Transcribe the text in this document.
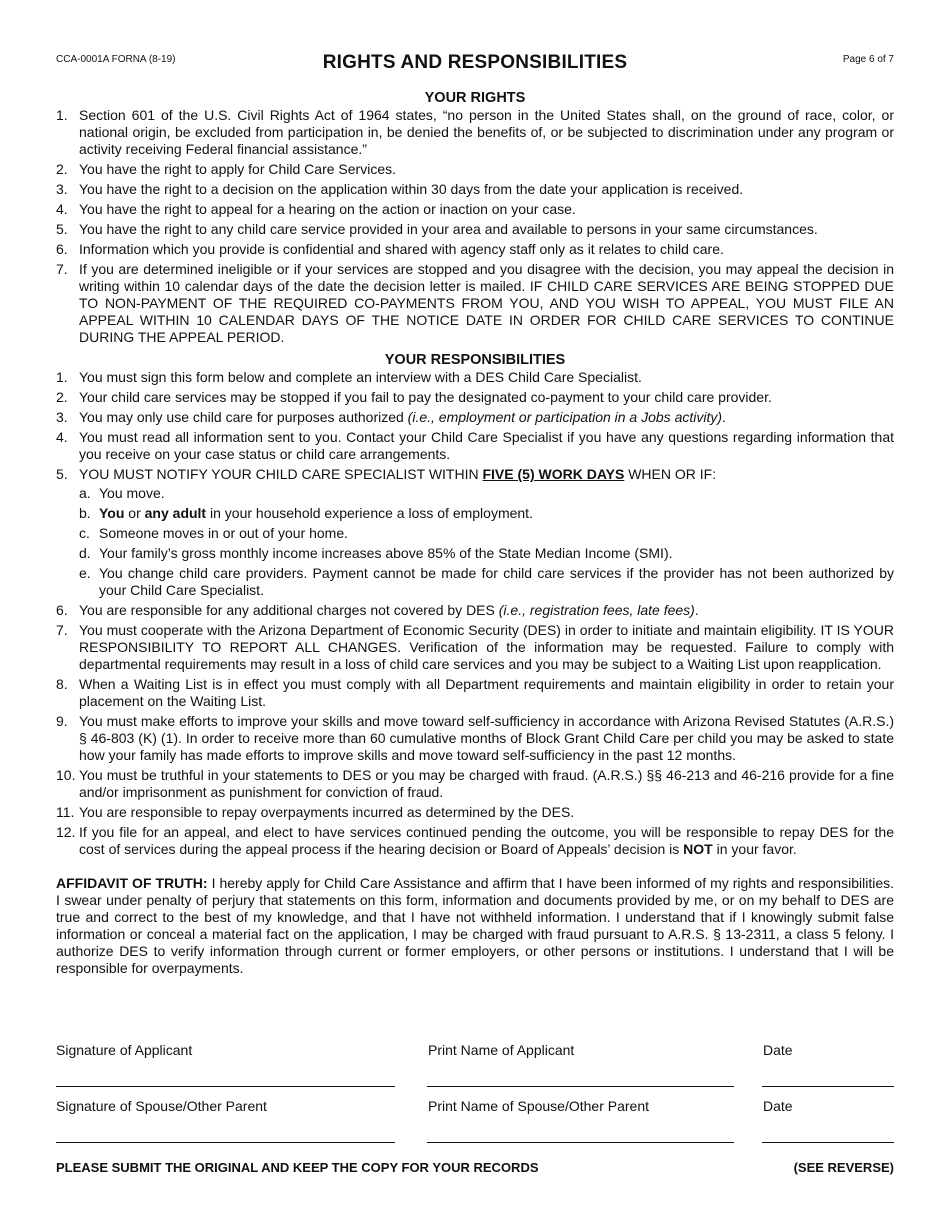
CCA-0001A FORNA (8-19)	RIGHTS AND RESPONSIBILITIES	Page 6 of 7
YOUR RIGHTS
1. Section 601 of the U.S. Civil Rights Act of 1964 states, “no person in the United States shall, on the ground of race, color, or national origin, be excluded from participation in, be denied the benefits of, or be subjected to discrimination under any program or activity receiving Federal financial assistance.”
2. You have the right to apply for Child Care Services.
3. You have the right to a decision on the application within 30 days from the date your application is received.
4. You have the right to appeal for a hearing on the action or inaction on your case.
5. You have the right to any child care service provided in your area and available to persons in your same circumstances.
6. Information which you provide is confidential and shared with agency staff only as it relates to child care.
7. If you are determined ineligible or if your services are stopped and you disagree with the decision, you may appeal the decision in writing within 10 calendar days of the date the decision letter is mailed. IF CHILD CARE SERVICES ARE BEING STOPPED DUE TO NON-PAYMENT OF THE REQUIRED CO-PAYMENTS FROM YOU, AND YOU WISH TO APPEAL, YOU MUST FILE AN APPEAL WITHIN 10 CALENDAR DAYS OF THE NOTICE DATE IN ORDER FOR CHILD CARE SERVICES TO CONTINUE DURING THE APPEAL PERIOD.
YOUR RESPONSIBILITIES
1. You must sign this form below and complete an interview with a DES Child Care Specialist.
2. Your child care services may be stopped if you fail to pay the designated co-payment to your child care provider.
3. You may only use child care for purposes authorized (i.e., employment or participation in a Jobs activity).
4. You must read all information sent to you. Contact your Child Care Specialist if you have any questions regarding information that you receive on your case status or child care arrangements.
5. YOU MUST NOTIFY YOUR CHILD CARE SPECIALIST WITHIN FIVE (5) WORK DAYS WHEN OR IF:
a. You move.
b. You or any adult in your household experience a loss of employment.
c. Someone moves in or out of your home.
d. Your family’s gross monthly income increases above 85% of the State Median Income (SMI).
e. You change child care providers. Payment cannot be made for child care services if the provider has not been authorized by your Child Care Specialist.
6. You are responsible for any additional charges not covered by DES (i.e., registration fees, late fees).
7. You must cooperate with the Arizona Department of Economic Security (DES) in order to initiate and maintain eligibility. IT IS YOUR RESPONSIBILITY TO REPORT ALL CHANGES. Verification of the information may be requested. Failure to comply with departmental requirements may result in a loss of child care services and you may be subject to a Waiting List upon reapplication.
8. When a Waiting List is in effect you must comply with all Department requirements and maintain eligibility in order to retain your placement on the Waiting List.
9. You must make efforts to improve your skills and move toward self-sufficiency in accordance with Arizona Revised Statutes (A.R.S.) § 46-803 (K) (1). In order to receive more than 60 cumulative months of Block Grant Child Care per child you may be asked to state how your family has made efforts to improve skills and move toward self-sufficiency in the past 12 months.
10. You must be truthful in your statements to DES or you may be charged with fraud. (A.R.S.) §§ 46-213 and 46-216 provide for a fine and/or imprisonment as punishment for conviction of fraud.
11. You are responsible to repay overpayments incurred as determined by the DES.
12. If you file for an appeal, and elect to have services continued pending the outcome, you will be responsible to repay DES for the cost of services during the appeal process if the hearing decision or Board of Appeals’ decision is NOT in your favor.
AFFIDAVIT OF TRUTH: I hereby apply for Child Care Assistance and affirm that I have been informed of my rights and responsibilities. I swear under penalty of perjury that statements on this form, information and documents provided by me, or on my behalf to DES are true and correct to the best of my knowledge, and that I have not withheld information. I understand that if I knowingly submit false information or conceal a material fact on the application, I may be charged with fraud pursuant to A.R.S. § 13-2311, a class 5 felony. I authorize DES to verify information through current or former employers, or other persons or institutions. I understand that I will be responsible for overpayments.
Signature of Applicant	Print Name of Applicant	Date
Signature of Spouse/Other Parent	Print Name of Spouse/Other Parent	Date
PLEASE SUBMIT THE ORIGINAL AND KEEP THE COPY FOR YOUR RECORDS	(SEE REVERSE)
